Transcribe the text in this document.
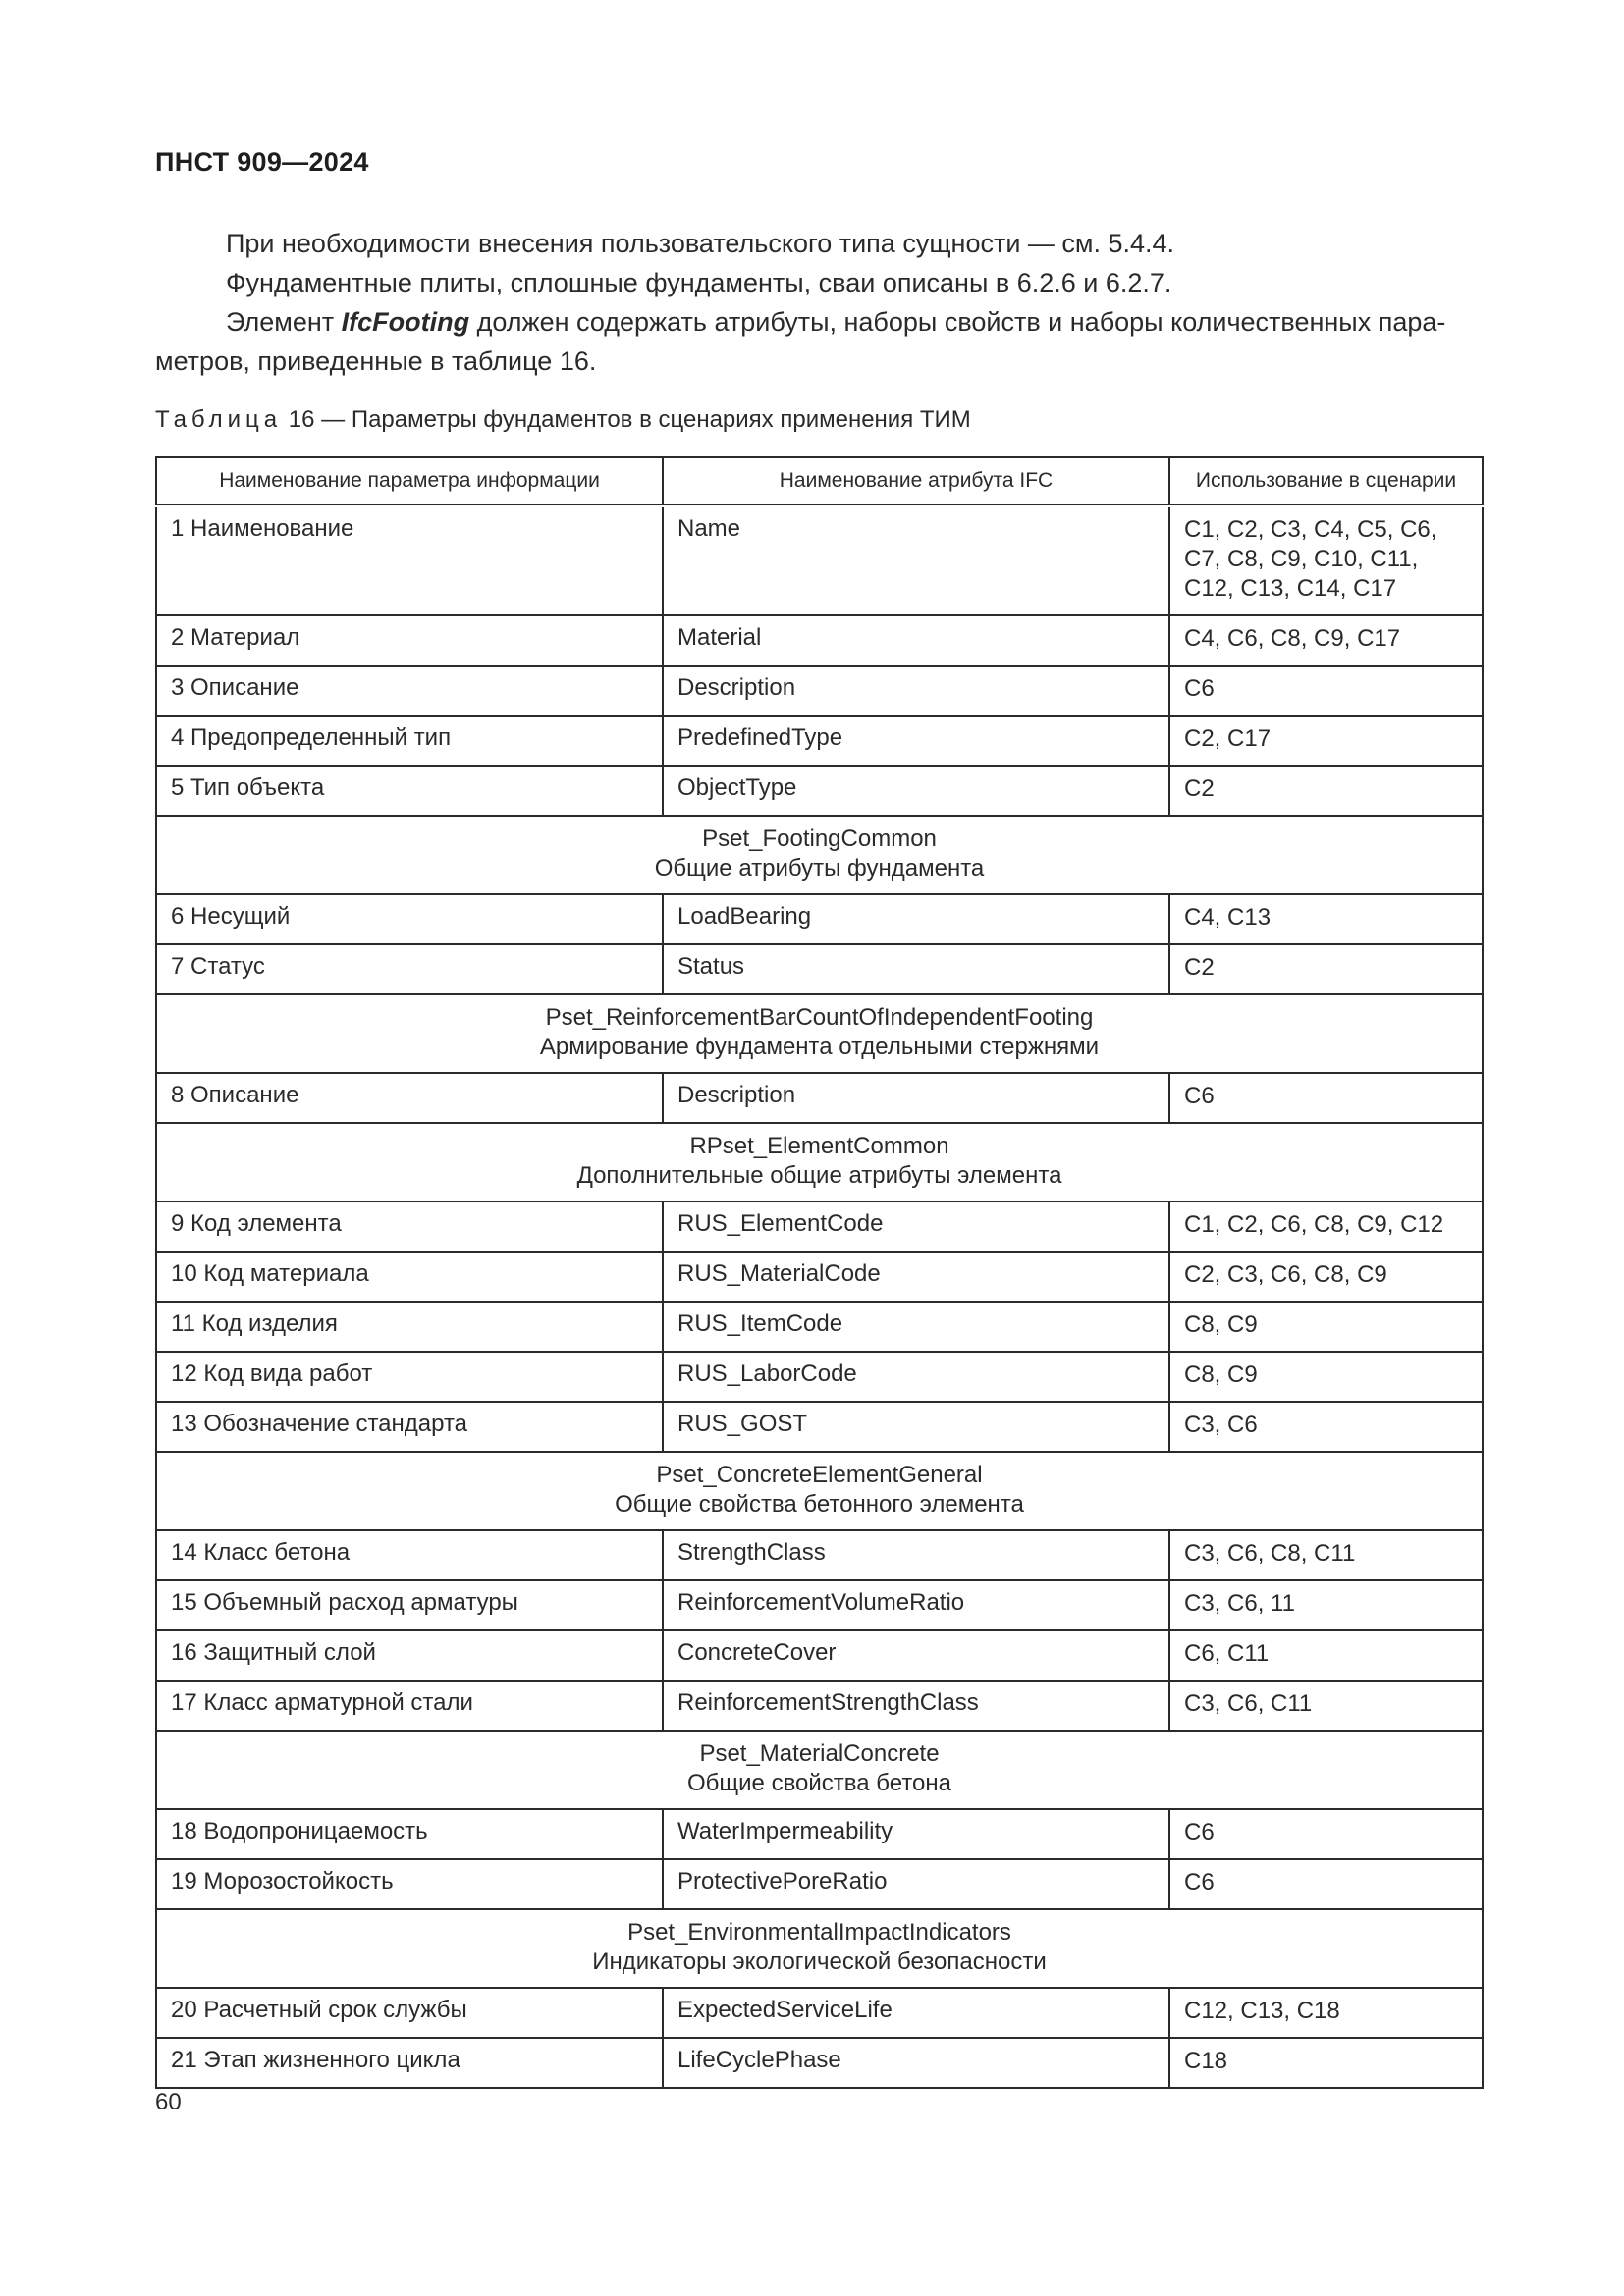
ПНСТ 909—2024
При необходимости внесения пользовательского типа сущности — см. 5.4.4.
Фундаментные плиты, сплошные фундаменты, сваи описаны в 6.2.6 и 6.2.7.
Элемент IfcFooting должен содержать атрибуты, наборы свойств и наборы количественных пара-
метров, приведенные в таблице 16.
Таблица 16 — Параметры фундаментов в сценариях применения ТИМ
Наименование параметра информации	Наименование атрибута IFC	Использование в сценарии
1 Наименование	Name	С1, С2, С3, С4, С5, С6, С7, С8, С9, С10, С11, С12, С13, С14, С17
2 Материал	Material	С4, С6, С8, С9, С17
3 Описание	Description	С6
4 Предопределенный тип	PredefinedType	С2, С17
5 Тип объекта	ObjectType	С2

Pset_FootingCommon
Общие атрибуты фундамента		

6 Несущий	LoadBearing	С4, С13
7 Статус	Status	С2

Pset_ReinforcementBarCountOfIndependentFooting
Армирование фундамента отдельными стержнями		

8 Описание	Description	С6

RPset_ElementCommon
Дополнительные общие атрибуты элемента		

9 Код элемента	RUS_ElementCode	С1, С2, С6, С8, С9, С12
10 Код материала	RUS_MaterialCode	С2, С3, С6, С8, С9
11 Код изделия	RUS_ItemCode	С8, С9
12 Код вида работ	RUS_LaborCode	С8, С9
13 Обозначение стандарта	RUS_GOST	С3, С6

Pset_ConcreteElementGeneral
Общие свойства бетонного элемента		

14 Класс бетона	StrengthClass	С3, С6, С8, С11
15 Объемный расход арматуры	ReinforcementVolumeRatio	С3, С6, 11
16 Защитный слой	ConcreteCover	С6, С11
17 Класс арматурной стали	ReinforcementStrengthClass	С3, С6, С11

Pset_MaterialConcrete
Общие свойства бетона		

18 Водопроницаемость	WaterImpermeability	С6
19 Морозостойкость	ProtectivePoreRatio	С6

Pset_EnvironmentalImpactIndicators
Индикаторы экологической безопасности		

20 Расчетный срок службы	ExpectedServiceLife	С12, С13, С18
21 Этап жизненного цикла	LifeCyclePhase	С18
60
